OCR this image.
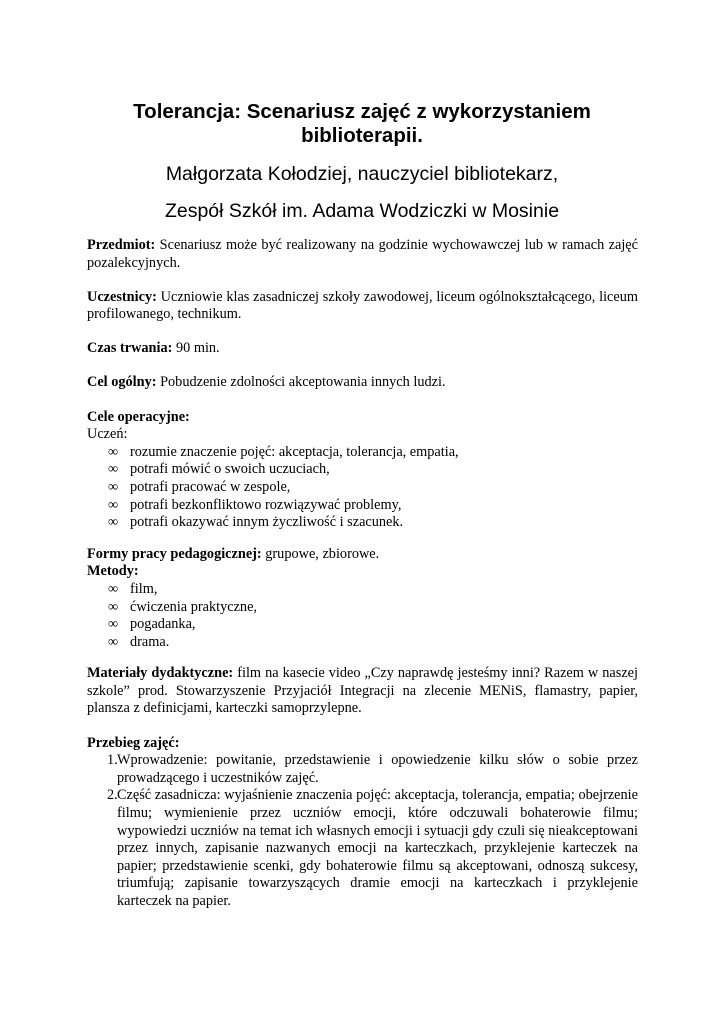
Tolerancja: Scenariusz zajęć z wykorzystaniem biblioterapii.

Małgorzata Kołodziej, nauczyciel bibliotekarz,

Zespół Szkół im. Adama Wodziczki w Mosinie

Przedmiot: Scenariusz może być realizowany na godzinie wychowawczej lub w ramach zajęć pozalekcyjnych.

Uczestnicy: Uczniowie klas zasadniczej szkoły zawodowej, liceum ogólnokształcącego, liceum profilowanego, technikum.

Czas trwania: 90 min.

Cel ogólny: Pobudzenie zdolności akceptowania innych ludzi.

Cele operacyjne:

Uczeń:

∞ rozumie znaczenie pojęć: akceptacja, tolerancja, empatia,
∞ potrafi mówić o swoich uczuciach,
∞ potrafi pracować w zespole,
∞ potrafi bezkonfliktowo rozwiązywać problemy,
∞ potrafi okazywać innym życzliwość i szacunek.

Formy pracy pedagogicznej: grupowe, zbiorowe.

Metody:

∞ film,
∞ ćwiczenia praktyczne,
∞ pogadanka,
∞ drama.

Materiały dydaktyczne: film na kasecie video „Czy naprawdę jesteśmy inni? Razem w naszej szkole” prod. Stowarzyszenie Przyjaciół Integracji na zlecenie MENiS, flamastry, papier, plansza z definicjami, karteczki samoprzylepne.

Przebieg zajęć:

1. Wprowadzenie: powitanie, przedstawienie i opowiedzenie kilku słów o sobie przez prowadzącego i uczestników zajęć.
2. Część zasadnicza: wyjaśnienie znaczenia pojęć: akceptacja, tolerancja, empatia; obejrzenie filmu; wymienienie przez uczniów emocji, które odczuwali bohaterowie filmu; wypowiedzi uczniów na temat ich własnych emocji i sytuacji gdy czuli się nieakceptowani przez innych, zapisanie nazwanych emocji na karteczkach, przyklejenie karteczek na papier; przedstawienie scenki, gdy bohaterowie filmu są akceptowani, odnoszą sukcesy, triumfują; zapisanie towarzyszących dramie emocji na karteczkach i przyklejenie karteczek na papier.
